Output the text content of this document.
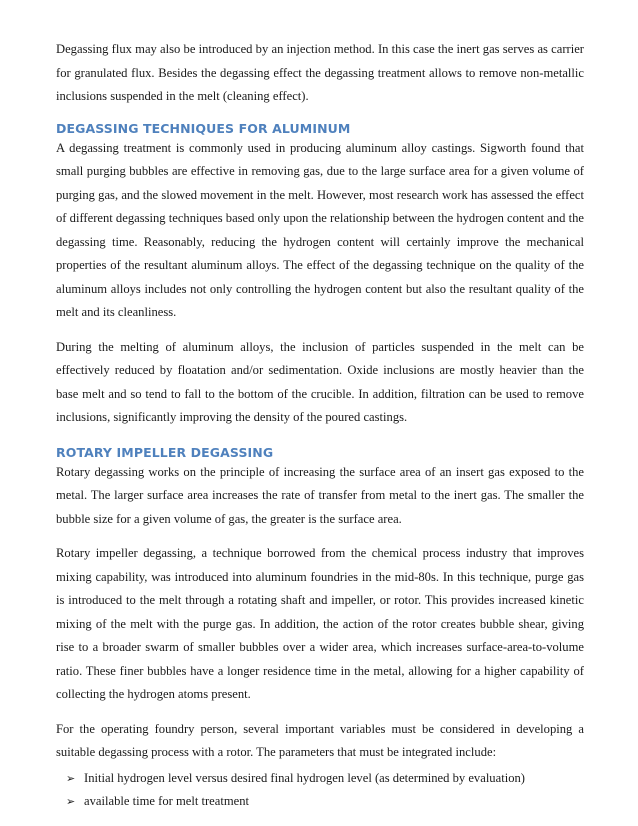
Degassing flux may also be introduced by an injection method. In this case the inert gas serves as carrier for granulated flux. Besides the degassing effect the degassing treatment allows to remove non-metallic inclusions suspended in the melt (cleaning effect).

DEGASSING TECHNIQUES FOR ALUMINUM

A degassing treatment is commonly used in producing aluminum alloy castings. Sigworth found that small purging bubbles are effective in removing gas, due to the large surface area for a given volume of purging gas, and the slowed movement in the melt. However, most research work has assessed the effect of different degassing techniques based only upon the relationship between the hydrogen content and the degassing time. Reasonably, reducing the hydrogen content will certainly improve the mechanical properties of the resultant aluminum alloys. The effect of the degassing technique on the quality of the aluminum alloys includes not only controlling the hydrogen content but also the resultant quality of the melt and its cleanliness.

During the melting of aluminum alloys, the inclusion of particles suspended in the melt can be effectively reduced by floatation and/or sedimentation. Oxide inclusions are mostly heavier than the base melt and so tend to fall to the bottom of the crucible. In addition, filtration can be used to remove inclusions, significantly improving the density of the poured castings.

ROTARY IMPELLER DEGASSING

Rotary degassing works on the principle of increasing the surface area of an insert gas exposed to the metal. The larger surface area increases the rate of transfer from metal to the inert gas. The smaller the bubble size for a given volume of gas, the greater is the surface area.

Rotary impeller degassing, a technique borrowed from the chemical process industry that improves mixing capability, was introduced into aluminum foundries in the mid-80s. In this technique, purge gas is introduced to the melt through a rotating shaft and impeller, or rotor. This provides increased kinetic mixing of the melt with the purge gas. In addition, the action of the rotor creates bubble shear, giving rise to a broader swarm of smaller bubbles over a wider area, which increases surface-area-to-volume ratio. These finer bubbles have a longer residence time in the metal, allowing for a higher capability of collecting the hydrogen atoms present.

For the operating foundry person, several important variables must be considered in developing a suitable degassing process with a rotor. The parameters that must be integrated include:

➢ Initial hydrogen level versus desired final hydrogen level (as determined by evaluation)
➢ available time for melt treatment
